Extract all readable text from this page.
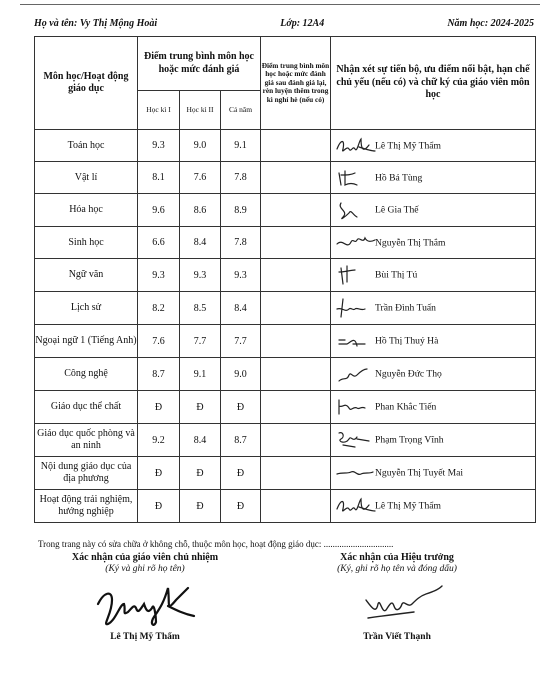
Họ và tên: Vy Thị Mộng Hoài	Lớp: 12A4	Năm học: 2024-2025
Môn học/Hoạt động giáo dục	Điểm trung bình môn học hoặc mức đánh giá			Điểm trung bình môn học hoặc mức đánh giá sau đánh giá lại, rèn luyện thêm trong kì nghỉ hè (nếu có)	Nhận xét sự tiến bộ, ưu điểm nổi bật, hạn chế chủ yếu (nếu có) và chữ ký của giáo viên môn học
	Học kì I	Học kì II	Cả năm		
Toán học	9.3	9.0	9.1		Lê Thị Mỹ Thẩm

Vật lí	8.1	7.6	7.8		Hồ Bá Tùng

Hóa học	9.6	8.6	8.9		Lê Gia Thế

Sinh học	6.6	8.4	7.8		Nguyễn Thị Thắm

Ngữ văn	9.3	9.3	9.3		Bùi Thị Tú

Lịch sử	8.2	8.5	8.4		Trần Đình Tuấn

Ngoại ngữ 1 (Tiếng Anh)	7.6	7.7	7.7		Hồ Thị Thuý Hà

Công nghệ	8.7	9.1	9.0		Nguyễn Đức Thọ

Giáo dục thể chất	Đ	Đ	Đ		Phan Khắc Tiến

Giáo dục quốc phòng và an ninh	9.2	8.4	8.7		Phạm Trọng Vĩnh

Nội dung giáo dục của địa phương	Đ	Đ	Đ		Nguyễn Thị Tuyết Mai

Hoạt động trải nghiệm, hướng nghiệp	Đ	Đ	Đ		Lê Thị Mỹ Thẩm
Trong trang này có sửa chữa ở không chỗ, thuộc môn học, hoạt động giáo dục: ...............................
Xác nhận của giáo viên chủ nhiệm
(Ký và ghi rõ họ tên)
Lê Thị Mỹ Thẩm
Xác nhận của Hiệu trưởng
(Ký, ghi rõ họ tên và đóng dấu)
Trần Viết Thạnh
